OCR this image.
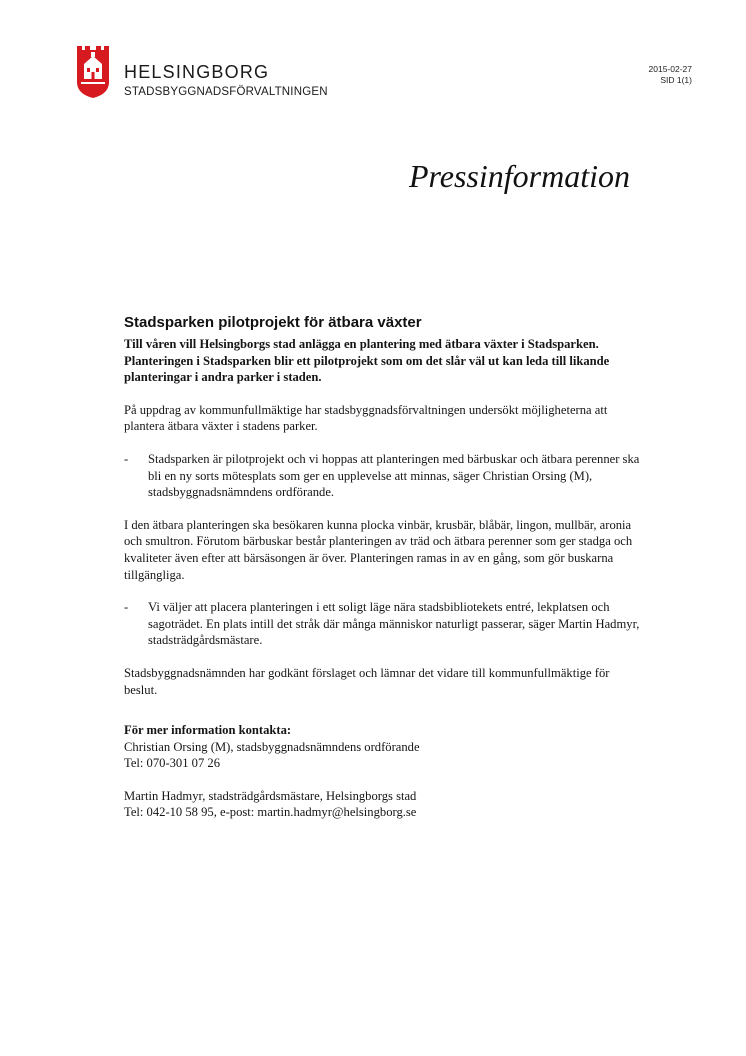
HELSINGBORG
STADSBYGGNADSFÖRVALTNINGEN
2015-02-27
SID 1(1)
Pressinformation
Stadsparken pilotprojekt för ätbara växter

Till våren vill Helsingborgs stad anlägga en plantering med ätbara växter i Stadsparken. Planteringen i Stadsparken blir ett pilotprojekt som om det slår väl ut kan leda till likande planteringar i andra parker i staden.

På uppdrag av kommunfullmäktige har stadsbyggnadsförvaltningen undersökt möjligheterna att plantera ätbara växter i stadens parker.

- Stadsparken är pilotprojekt och vi hoppas att planteringen med bärbuskar och ätbara perenner ska bli en ny sorts mötesplats som ger en upplevelse att minnas, säger Christian Orsing (M), stadsbyggnadsnämndens ordförande.

I den ätbara planteringen ska besökaren kunna plocka vinbär, krusbär, blåbär, lingon, mullbär, aronia och smultron. Förutom bärbuskar består planteringen av träd och ätbara perenner som ger stadga och kvaliteter även efter att bärsäsongen är över. Planteringen ramas in av en gång, som gör buskarna tillgängliga.

- Vi väljer att placera planteringen i ett soligt läge nära stadsbibliotekets entré, lekplatsen och sagoträdet. En plats intill det stråk där många människor naturligt passerar, säger Martin Hadmyr, stadsträdgårdsmästare.

Stadsbyggnadsnämnden har godkänt förslaget och lämnar det vidare till kommunfullmäktige för beslut.

För mer information kontakta:
Christian Orsing (M), stadsbyggnadsnämndens ordförande
Tel: 070-301 07 26
Martin Hadmyr, stadsträdgårdsmästare, Helsingborgs stad
Tel: 042-10 58 95, e-post: martin.hadmyr@helsingborg.se
